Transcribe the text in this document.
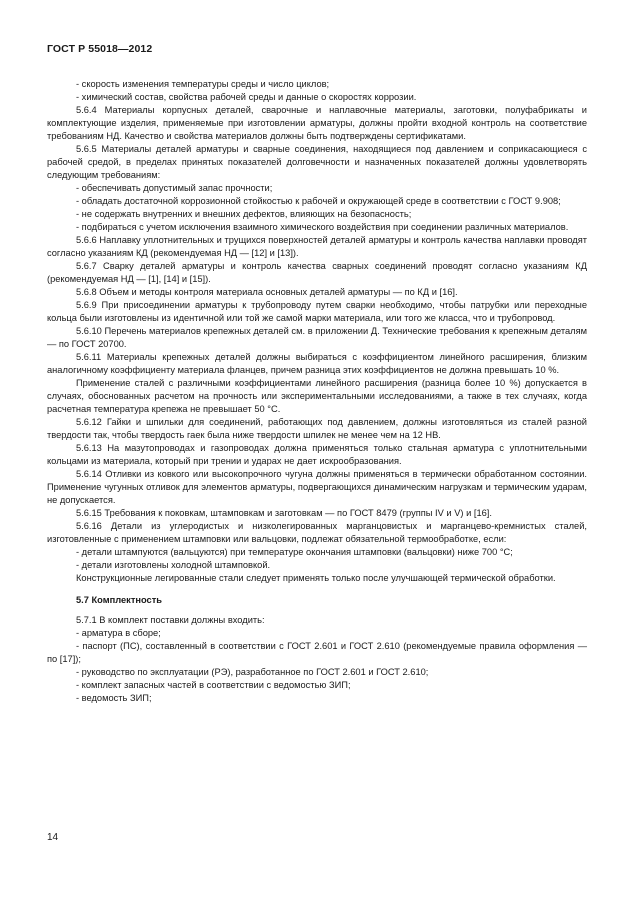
ГОСТ Р 55018—2012

- скорость изменения температуры среды и число циклов;

- химический состав, свойства рабочей среды и данные о скоростях коррозии.

5.6.4 Материалы корпусных деталей, сварочные и наплавочные материалы, заготовки, полуфабрикаты и комплектующие изделия, применяемые при изготовлении арматуры, должны пройти входной контроль на соответствие требованиям НД. Качество и свойства материалов должны быть подтверждены сертификатами.

5.6.5 Материалы деталей арматуры и сварные соединения, находящиеся под давлением и соприкасающиеся с рабочей средой, в пределах принятых показателей долговечности и назначенных показателей должны удовлетворять следующим требованиям:

- обеспечивать допустимый запас прочности;

- обладать достаточной коррозионной стойкостью к рабочей и окружающей среде в соответствии с ГОСТ 9.908;

- не содержать внутренних и внешних дефектов, влияющих на безопасность;

- подбираться с учетом исключения взаимного химического воздействия при соединении различных материалов.

5.6.6 Наплавку уплотнительных и трущихся поверхностей деталей арматуры и контроль качества наплавки проводят согласно указаниям КД (рекомендуемая НД — [12] и [13]).

5.6.7 Сварку деталей арматуры и контроль качества сварных соединений проводят согласно указаниям КД (рекомендуемая НД — [1], [14] и [15]).

5.6.8 Объем и методы контроля материала основных деталей арматуры — по КД и [16].

5.6.9 При присоединении арматуры к трубопроводу путем сварки необходимо, чтобы патрубки или переходные кольца были изготовлены из идентичной или той же самой марки материала, или того же класса, что и трубопровод.

5.6.10 Перечень материалов крепежных деталей см. в приложении Д. Технические требования к крепежным деталям — по ГОСТ 20700.

5.6.11 Материалы крепежных деталей должны выбираться с коэффициентом линейного расширения, близким аналогичному коэффициенту материала фланцев, причем разница этих коэффициентов не должна превышать 10 %.

Применение сталей с различными коэффициентами линейного расширения (разница более 10 %) допускается в случаях, обоснованных расчетом на прочность или экспериментальными исследованиями, а также в тех случаях, когда расчетная температура крепежа не превышает 50 °С.

5.6.12 Гайки и шпильки для соединений, работающих под давлением, должны изготовляться из сталей разной твердости так, чтобы твердость гаек была ниже твердости шпилек не менее чем на 12 НВ.

5.6.13 На мазутопроводах и газопроводах должна применяться только стальная арматура с уплотнительными кольцами из материала, который при трении и ударах не дает искрообразования.

5.6.14 Отливки из ковкого или высокопрочного чугуна должны применяться в термически обработанном состоянии. Применение чугунных отливок для элементов арматуры, подвергающихся динамическим нагрузкам и термическим ударам, не допускается.

5.6.15 Требования к поковкам, штамповкам и заготовкам — по ГОСТ 8479 (группы IV и V) и [16].

5.6.16 Детали из углеродистых и низколегированных марганцовистых и марганцево-кремнистых сталей, изготовленные с применением штамповки или вальцовки, подлежат обязательной термообработке, если:

- детали штампуются (вальцуются) при температуре окончания штамповки (вальцовки) ниже 700 °С;

- детали изготовлены холодной штамповкой.

Конструкционные легированные стали следует применять только после улучшающей термической обработки.

5.7 Комплектность

5.7.1 В комплект поставки должны входить:

- арматура в сборе;

- паспорт (ПС), составленный в соответствии с ГОСТ 2.601 и ГОСТ 2.610 (рекомендуемые правила оформления — по [17]);

- руководство по эксплуатации (РЭ), разработанное по ГОСТ 2.601 и ГОСТ 2.610;

- комплект запасных частей в соответствии с ведомостью ЗИП;

- ведомость ЗИП;

14
